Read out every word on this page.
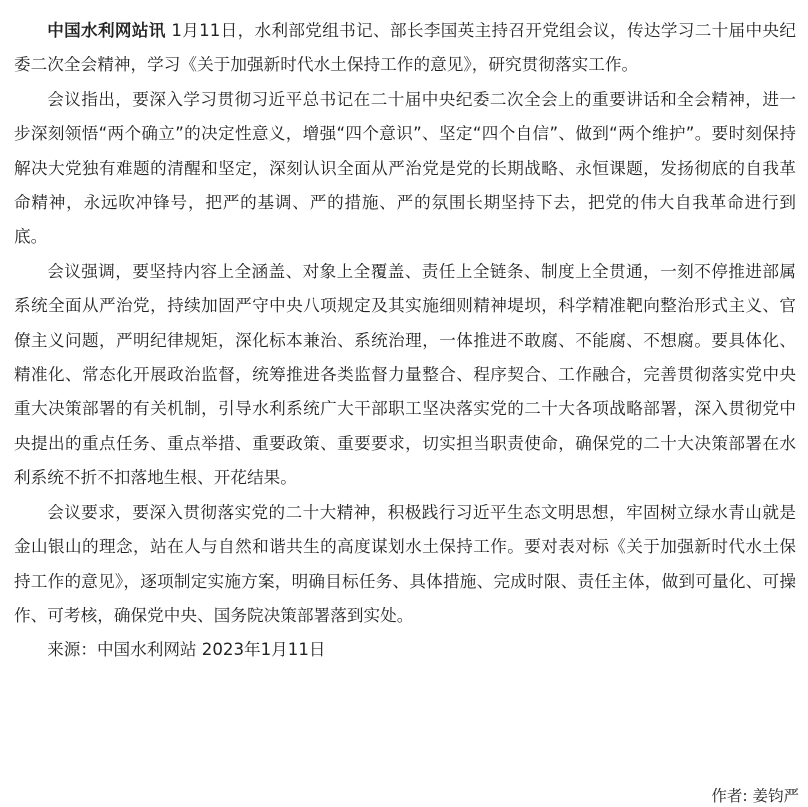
中国水利网站讯 1月11日，水利部党组书记、部长李国英主持召开党组会议，传达学习二十届中央纪委二次全会精神，学习《关于加强新时代水土保持工作的意见》，研究贯彻落实工作。

会议指出，要深入学习贯彻习近平总书记在二十届中央纪委二次全会上的重要讲话和全会精神，进一步深刻领悟“两个确立”的决定性意义，增强“四个意识”、坚定“四个自信”、做到“两个维护”。要时刻保持解决大党独有难题的清醒和坚定，深刻认识全面从严治党是党的长期战略、永恒课题，发扬彻底的自我革命精神，永远吹冲锋号，把严的基调、严的措施、严的氛围长期坚持下去，把党的伟大自我革命进行到底。

会议强调，要坚持内容上全涵盖、对象上全覆盖、责任上全链条、制度上全贯通，一刻不停推进部属系统全面从严治党，持续加固严守中央八项规定及其实施细则精神堤坝，科学精准靶向整治形式主义、官僚主义问题，严明纪律规矩，深化标本兼治、系统治理，一体推进不敢腐、不能腐、不想腐。要具体化、精准化、常态化开展政治监督，统筹推进各类监督力量整合、程序契合、工作融合，完善贯彻落实党中央重大决策部署的有关机制，引导水利系统广大干部职工坚决落实党的二十大各项战略部署，深入贯彻党中央提出的重点任务、重点举措、重要政策、重要要求，切实担当职责使命，确保党的二十大决策部署在水利系统不折不扣落地生根、开花结果。

会议要求，要深入贯彻落实党的二十大精神，积极践行习近平生态文明思想，牢固树立绿水青山就是金山银山的理念，站在人与自然和谐共生的高度谋划水土保持工作。要对表对标《关于加强新时代水土保持工作的意见》，逐项制定实施方案，明确目标任务、具体措施、完成时限、责任主体，做到可量化、可操作、可考核，确保党中央、国务院决策部署落到实处。

来源：中国水利网站 2023年1月11日

作者: 姜钧严
